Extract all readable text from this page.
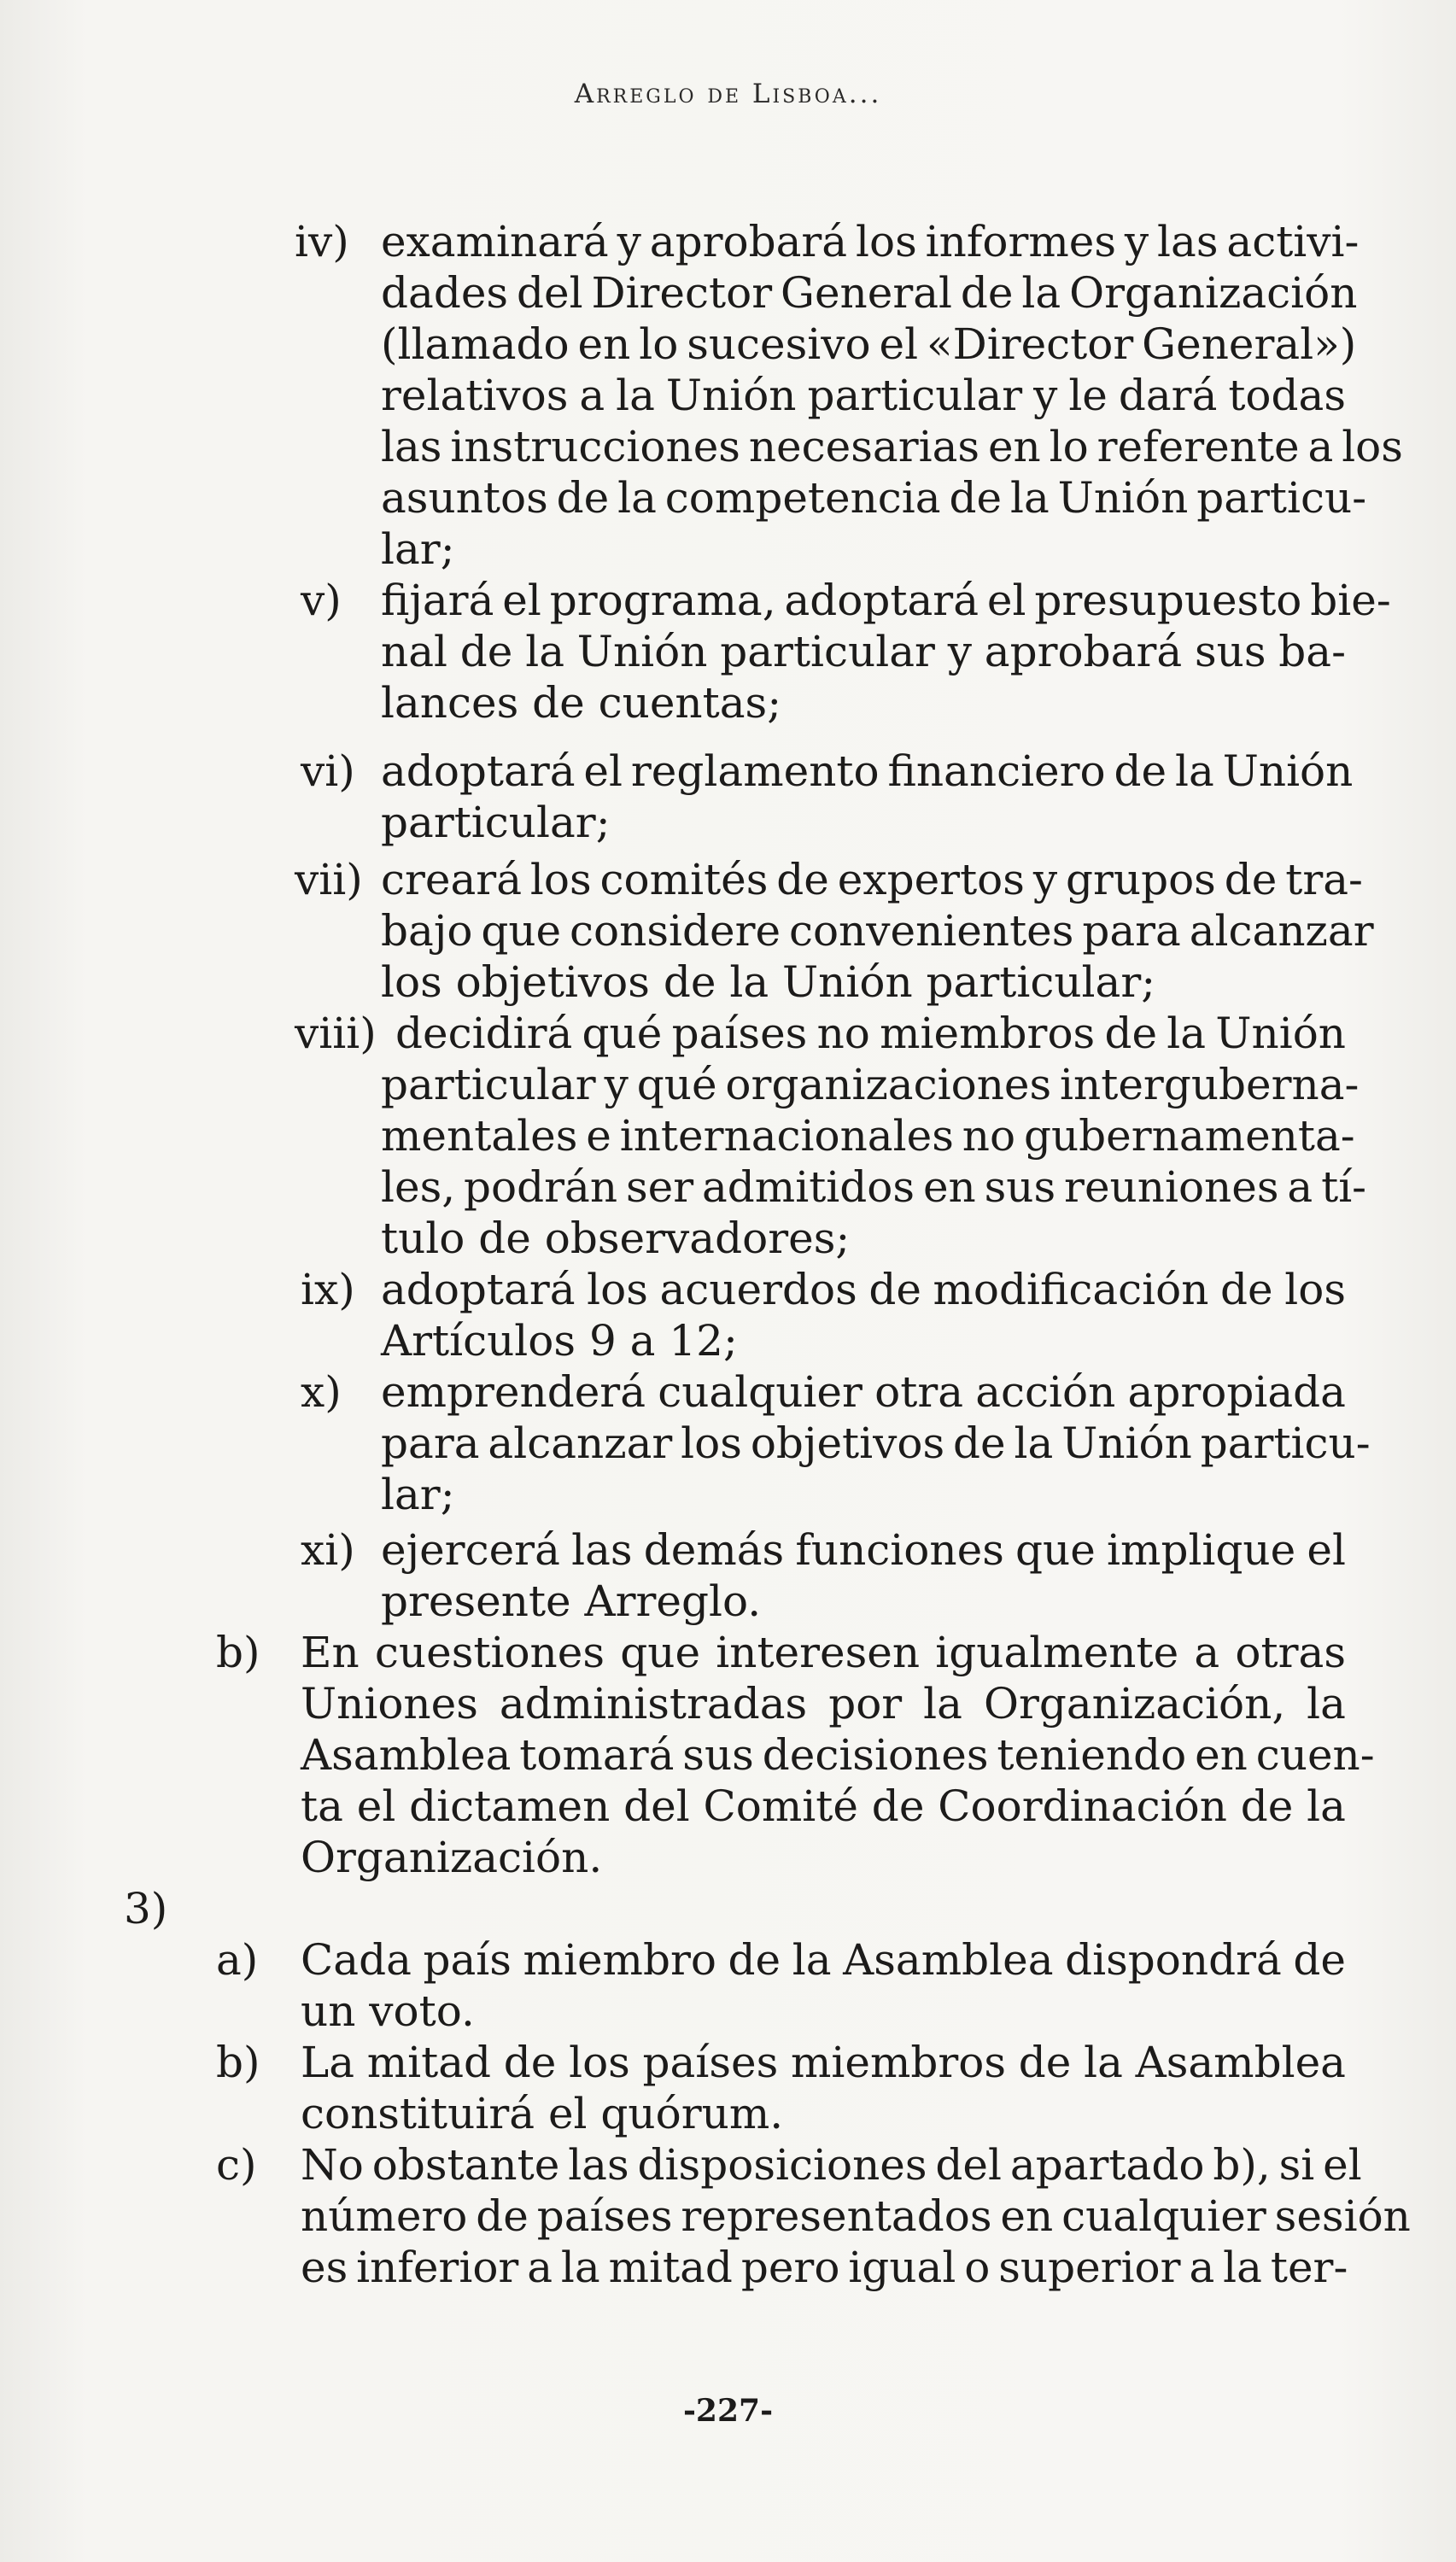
Arreglo de Lisboa...
iv) examinará y aprobará los informes y las activi-
dades del Director General de la Organización
(llamado en lo sucesivo el «Director General»)
relativos a la Unión particular y le dará todas
las instrucciones necesarias en lo referente a los
asuntos de la competencia de la Unión particu-
lar;
v) fijará el programa, adoptará el presupuesto bie-
nal de la Unión particular y aprobará sus ba-
lances de cuentas;
vi) adoptará el reglamento financiero de la Unión
particular;
vii) creará los comités de expertos y grupos de tra-
bajo que considere convenientes para alcanzar
los objetivos de la Unión particular;
viii) decidirá qué países no miembros de la Unión
particular y qué organizaciones interguberna-
mentales e internacionales no gubernamenta-
les, podrán ser admitidos en sus reuniones a tí-
tulo de observadores;
ix) adoptará los acuerdos de modificación de los
Artículos 9 a 12;
x) emprenderá cualquier otra acción apropiada
para alcanzar los objetivos de la Unión particu-
lar;
xi) ejercerá las demás funciones que implique el
presente Arreglo.
b) En cuestiones que interesen igualmente a otras
Uniones administradas por la Organización, la
Asamblea tomará sus decisiones teniendo en cuen-
ta el dictamen del Comité de Coordinación de la
Organización.
3)
a) Cada país miembro de la Asamblea dispondrá de
un voto.
b) La mitad de los países miembros de la Asamblea
constituirá el quórum.
c) No obstante las disposiciones del apartado b), si el
número de países representados en cualquier sesión
es inferior a la mitad pero igual o superior a la ter-
-227-
